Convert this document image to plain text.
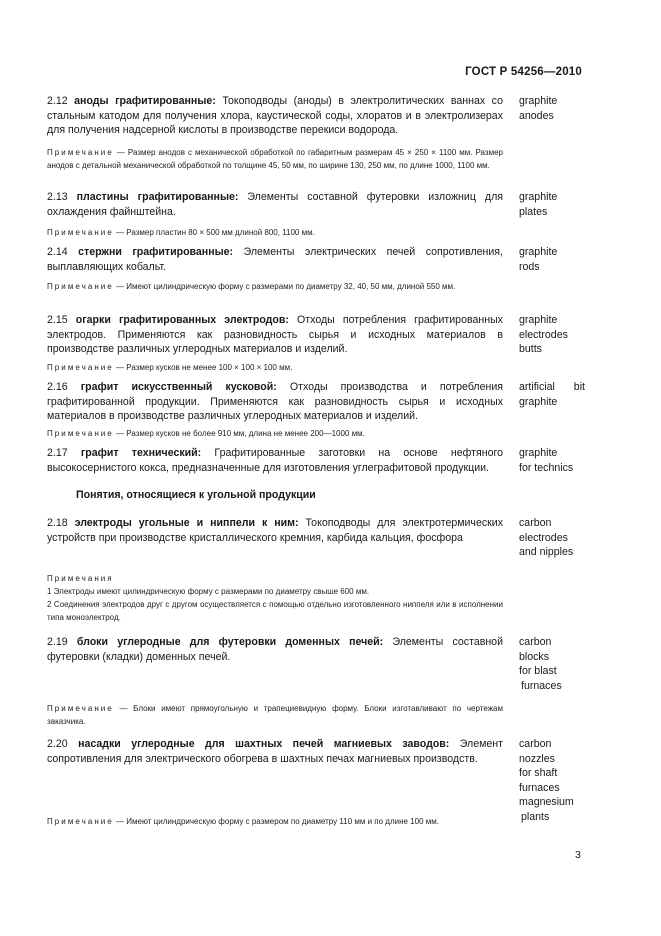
ГОСТ Р 54256—2010
2.12 аноды графитированные: Токоподводы (аноды) в электролитических ваннах со стальным катодом для получения хлора, каустической соды, хлоратов и в электролизерах для получения надсерной кислоты в производстве перекиси водорода.
graphite
anodes
Примечание — Размер анодов с механической обработкой по габаритным размерам 45 × 250 × 1100 мм. Размер анодов с детальной механической обработкой по толщине 45, 50 мм, по ширине 130, 250 мм, по длине 1000, 1100 мм.
2.13 пластины графитированные: Элементы составной футеровки изложниц для охлаждения файнштейна.
graphite
plates
Примечание — Размер пластин 80 × 500 мм длиной 800, 1100 мм.
2.14 стержни графитированные: Элементы электрических печей сопротивления, выплавляющих кобальт.
graphite
rods
Примечание — Имеют цилиндрическую форму с размерами по диаметру 32, 40, 50 мм, длиной 550 мм.
2.15 огарки графитированных электродов: Отходы потребления графитированных электродов. Применяются как разновидность сырья и исходных материалов в производстве различных углеродных материалов и изделий.
graphite
electrodes
butts
Примечание — Размер кусков не менее 100 × 100 × 100 мм.
2.16 графит искусственный кусковой: Отходы производства и потребления графитированной продукции. Применяются как разновидность сырья и исходных материалов в производстве различных углеродных материалов и изделий.
artificial bit
graphite
Примечание — Размер кусков не более 910 мм, длина не менее 200—1000 мм.
2.17 графит технический: Графитированные заготовки на основе нефтяного высокосернистого кокса, предназначенные для изготовления углеграфитовой продукции.
graphite
for technics
Понятия, относящиеся к угольной продукции
2.18 электроды угольные и ниппели к ним: Токоподводы для электротермических устройств при производстве кристаллического кремния, карбида кальция, фосфора
carbon
electrodes
and nipples
Примечания
1 Электроды имеют цилиндрическую форму с размерами по диаметру свыше 600 мм.
2 Соединения электродов друг с другом осуществляется с помощью отдельно изготовленного ниппеля или в исполнении типа моноэлектрод.
2.19 блоки углеродные для футеровки доменных печей: Элементы составной футеровки (кладки) доменных печей.
carbon
blocks
for blast
furnaces
Примечание — Блоки имеют прямоугольную и трапециевидную форму. Блоки изготавливают по чертежам заказчика.
2.20 насадки углеродные для шахтных печей магниевых заводов: Элемент сопротивления для электрического обогрева в шахтных печах магниевых производств.
carbon
nozzles
for shaft
furnaces
magnesium
plants
Примечание — Имеют цилиндрическую форму с размером по диаметру 110 мм и по длине 100 мм.
3
